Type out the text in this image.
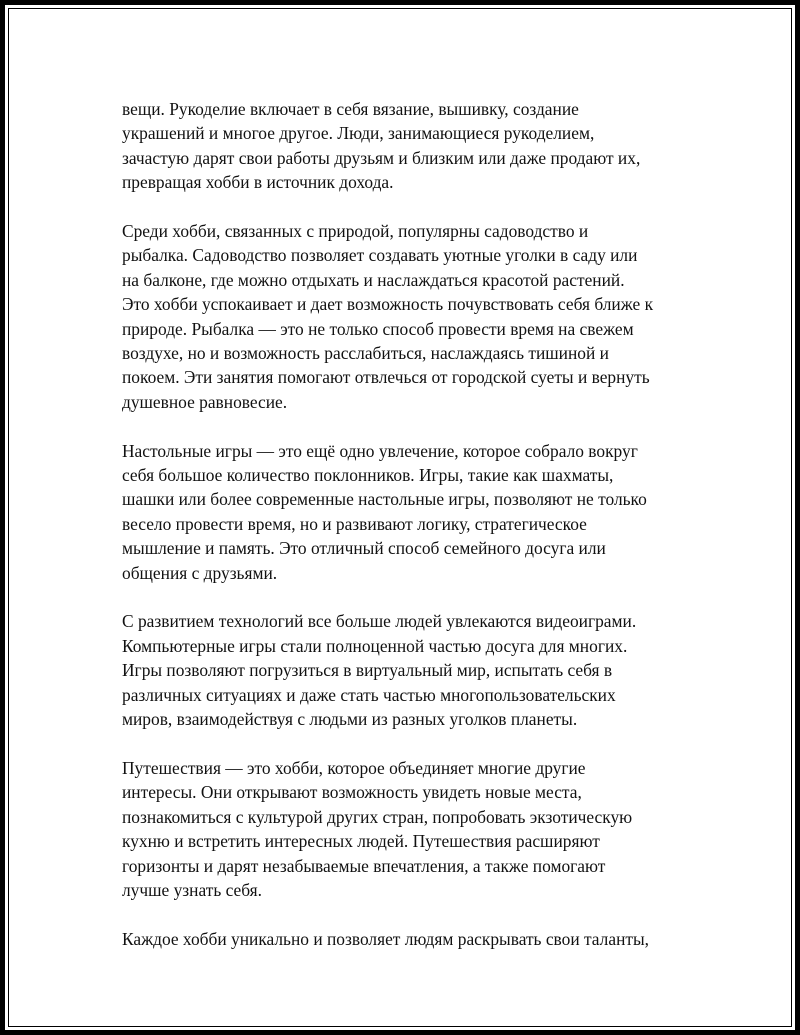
вещи. Рукоделие включает в себя вязание, вышивку, создание
украшений и многое другое. Люди, занимающиеся рукоделием,
зачастую дарят свои работы друзьям и близким или даже продают их,
превращая хобби в источник дохода.

Среди хобби, связанных с природой, популярны садоводство и
рыбалка. Садоводство позволяет создавать уютные уголки в саду или
на балконе, где можно отдыхать и наслаждаться красотой растений.
Это хобби успокаивает и дает возможность почувствовать себя ближе к
природе. Рыбалка — это не только способ провести время на свежем
воздухе, но и возможность расслабиться, наслаждаясь тишиной и
покоем. Эти занятия помогают отвлечься от городской суеты и вернуть
душевное равновесие.

Настольные игры — это ещё одно увлечение, которое собрало вокруг
себя большое количество поклонников. Игры, такие как шахматы,
шашки или более современные настольные игры, позволяют не только
весело провести время, но и развивают логику, стратегическое
мышление и память. Это отличный способ семейного досуга или
общения с друзьями.

С развитием технологий все больше людей увлекаются видеоиграми.
Компьютерные игры стали полноценной частью досуга для многих.
Игры позволяют погрузиться в виртуальный мир, испытать себя в
различных ситуациях и даже стать частью многопользовательских
миров, взаимодействуя с людьми из разных уголков планеты.

Путешествия — это хобби, которое объединяет многие другие
интересы. Они открывают возможность увидеть новые места,
познакомиться с культурой других стран, попробовать экзотическую
кухню и встретить интересных людей. Путешествия расширяют
горизонты и дарят незабываемые впечатления, а также помогают
лучше узнать себя.

Каждое хобби уникально и позволяет людям раскрывать свои таланты,
